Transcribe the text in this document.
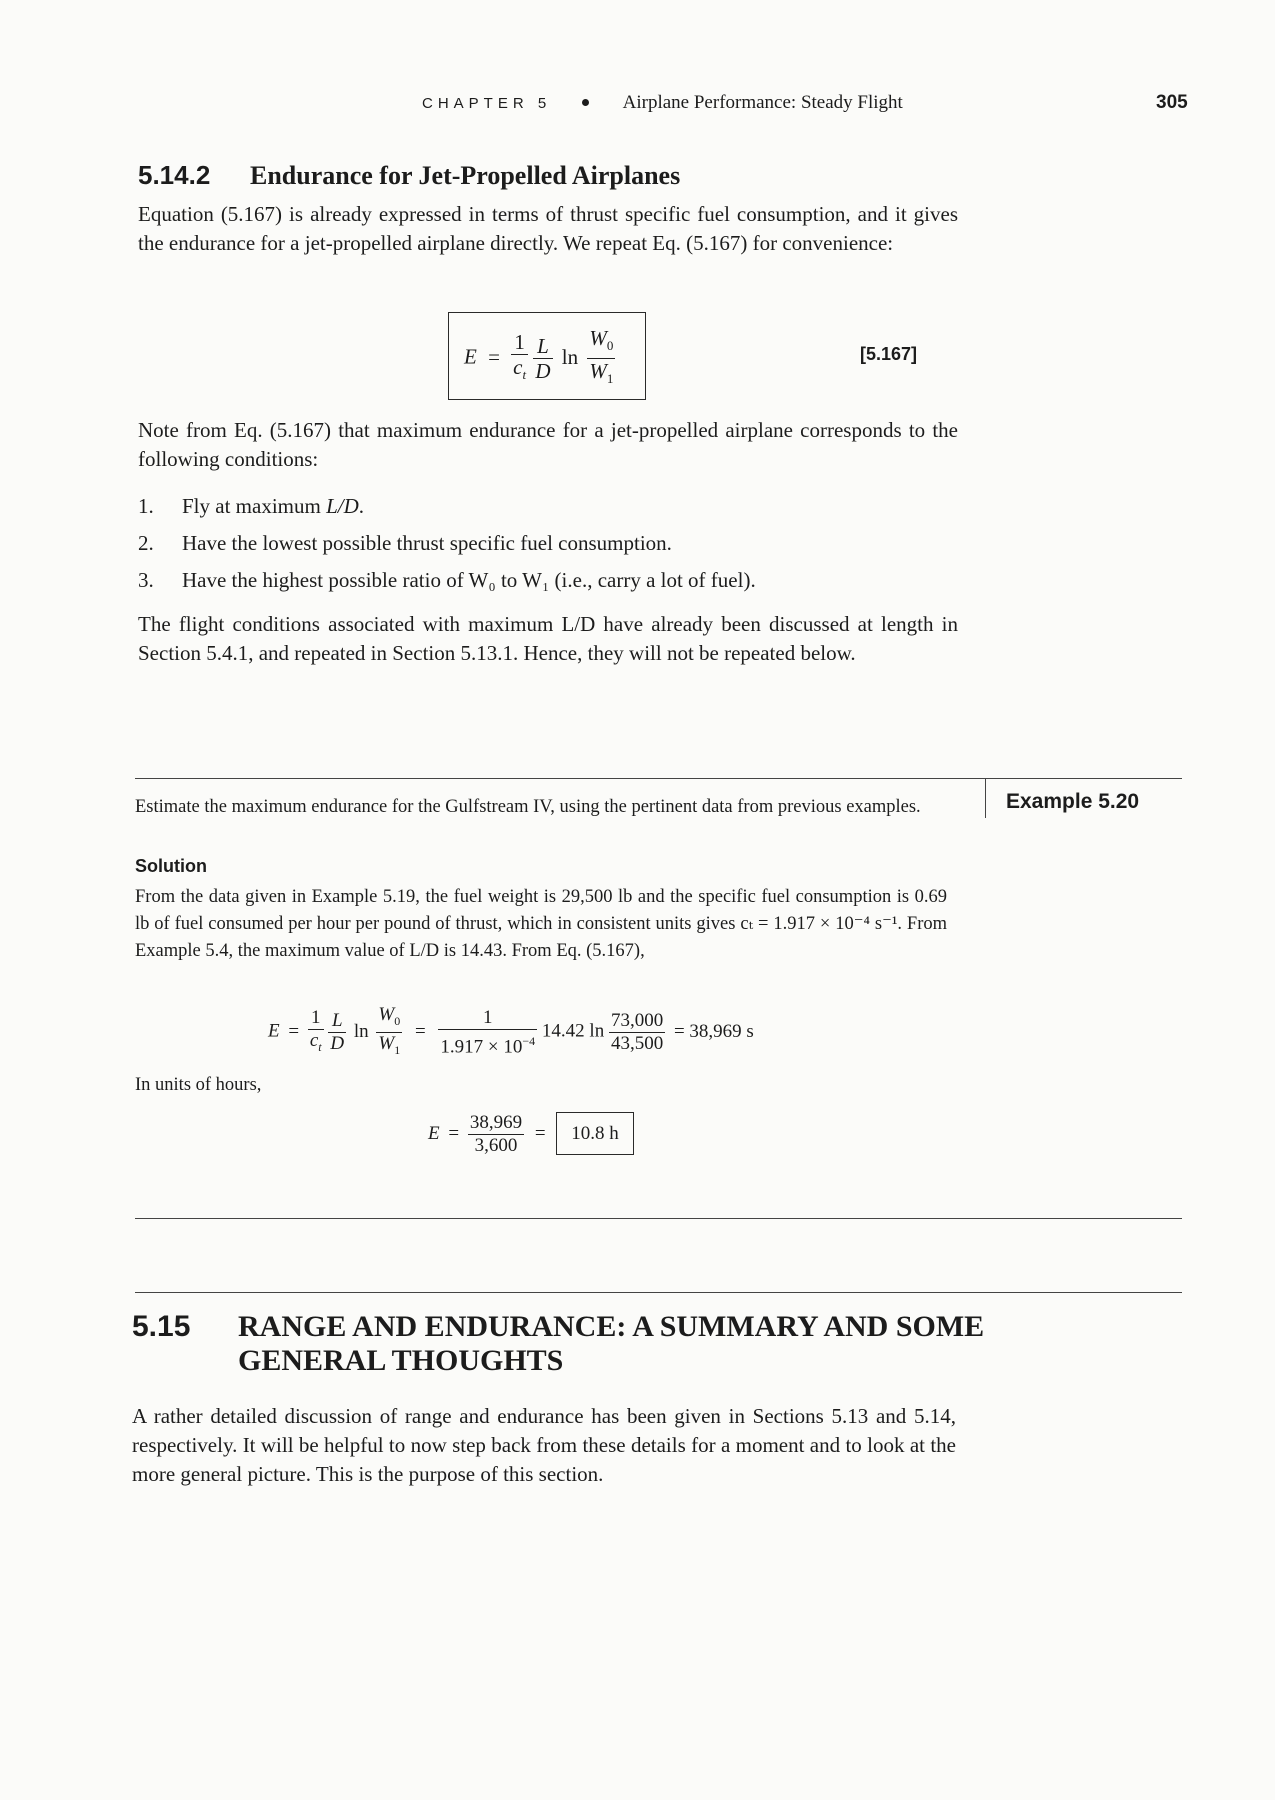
CHAPTER 5	Airplane Performance: Steady Flight	305
5.14.2 Endurance for Jet-Propelled Airplanes

Equation (5.167) is already expressed in terms of thrust specific fuel consumption, and it gives the endurance for a jet-propelled airplane directly. We repeat Eq. (5.167) for convenience:

$E = \frac{1}{c_t}$
$\frac{L}{D}$ $\ln \frac{W_0}{W_1}$	[5.167]

Note from Eq. (5.167) that maximum endurance for a jet-propelled airplane corresponds to the following conditions:

1. Fly at maximum L/D.
2. Have the lowest possible thrust specific fuel consumption.
3. Have the highest possible ratio of W₀ to W₁ (i.e., carry a lot of fuel).

The flight conditions associated with maximum L/D have already been discussed at length in Section 5.4.1, and repeated in Section 5.13.1. Hence, they will not be repeated below.

Example 5.20

Estimate the maximum endurance for the Gulfstream IV, using the pertinent data from previous examples.

Solution

From the data given in Example 5.19, the fuel weight is 29,500 lb and the specific fuel consumption is 0.69 lb of fuel consumed per hour per pound of thrust, which in consistent units gives cₜ = 1.917 × 10⁻⁴ s⁻¹. From Example 5.4, the maximum value of L/D is 14.43. From Eq. (5.167),

$E = \frac{1}{c_t}$
$\frac{L}{D}$ $\ln \frac{W_0}{W_1} = \frac{1}{1.917 \times 10^{-4}} 14.42$ $\ln \frac{73,000}{43,500} = 38,969$ s

In units of hours,

$E = \frac{38,969}{3,600} = 10.8$ h
5.15 RANGE AND ENDURANCE: A SUMMARY AND SOME GENERAL THOUGHTS

A rather detailed discussion of range and endurance has been given in Sections 5.13 and 5.14, respectively. It will be helpful to now step back from these details for a moment and to look at the more general picture. This is the purpose of this section.
